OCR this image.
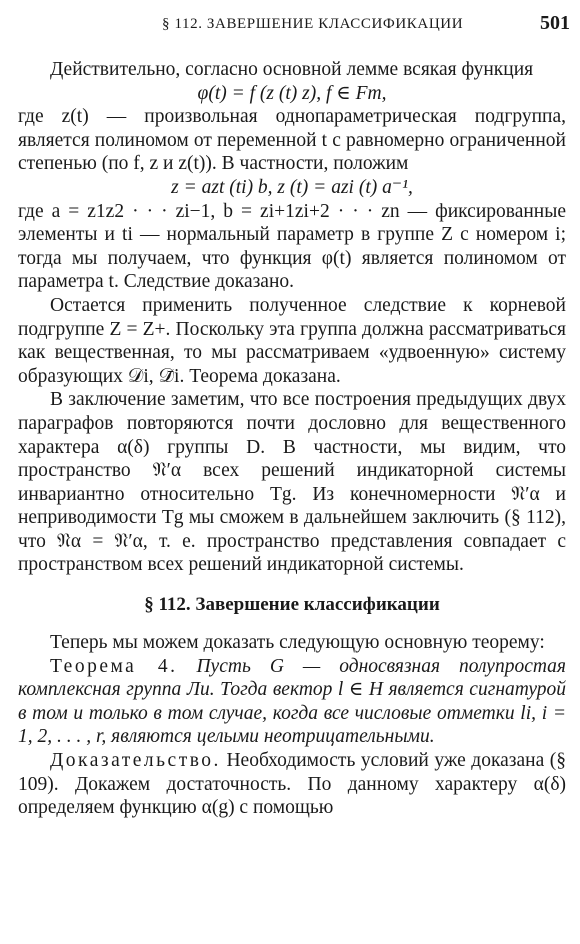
§ 112. ЗАВЕРШЕНИЕ КЛАССИФИКАЦИИ	501

Действительно, согласно основной лемме всякая функция

φ(t) = f (z (t) z), f ∈ Fm,

где z(t) — произвольная однопараметрическая подгруппа, является полиномом от переменной t с равномерно ограниченной степенью (по f, z и z(t)). В частности, положим

z = azt (ti) b, z (t) = azi (t) a⁻¹,

где a = z1z2 · · · zi−1, b = zi+1zi+2 · · · zn — фиксированные элементы и ti — нормальный параметр в группе Z с номером i; тогда мы получаем, что функция φ(t) является полиномом от параметра t. Следствие доказано.

Остается применить полученное следствие к корневой подгруппе Z = Z+. Поскольку эта группа должна рассматриваться как вещественная, то мы рассматриваем «удвоенную» систему образующих 𝒟i, 𝒟̄i. Теорема доказана.

В заключение заметим, что все построения предыдущих двух параграфов повторяются почти дословно для вещественного характера α(δ) группы D. В частности, мы видим, что пространство 𝔑′α всех решений индикаторной системы инвариантно относительно Tg. Из конечномерности 𝔑′α и неприводимости Tg мы сможем в дальнейшем заключить (§ 112), что 𝔑α = 𝔑′α, т. е. пространство представления совпадает с пространством всех решений индикаторной системы.

§ 112. Завершение классификации

Теперь мы можем доказать следующую основную теорему:

Теорема 4. Пусть G — односвязная полупростая комплексная группа Ли. Тогда вектор l ∈ H является сигнатурой в том и только в том случае, когда все числовые отметки li, i = 1, 2, . . . , r, являются целыми неотрицательными.

Доказательство. Необходимость условий уже доказана (§ 109). Докажем достаточность. По данному характеру α(δ) определяем функцию α(g) с помощью
